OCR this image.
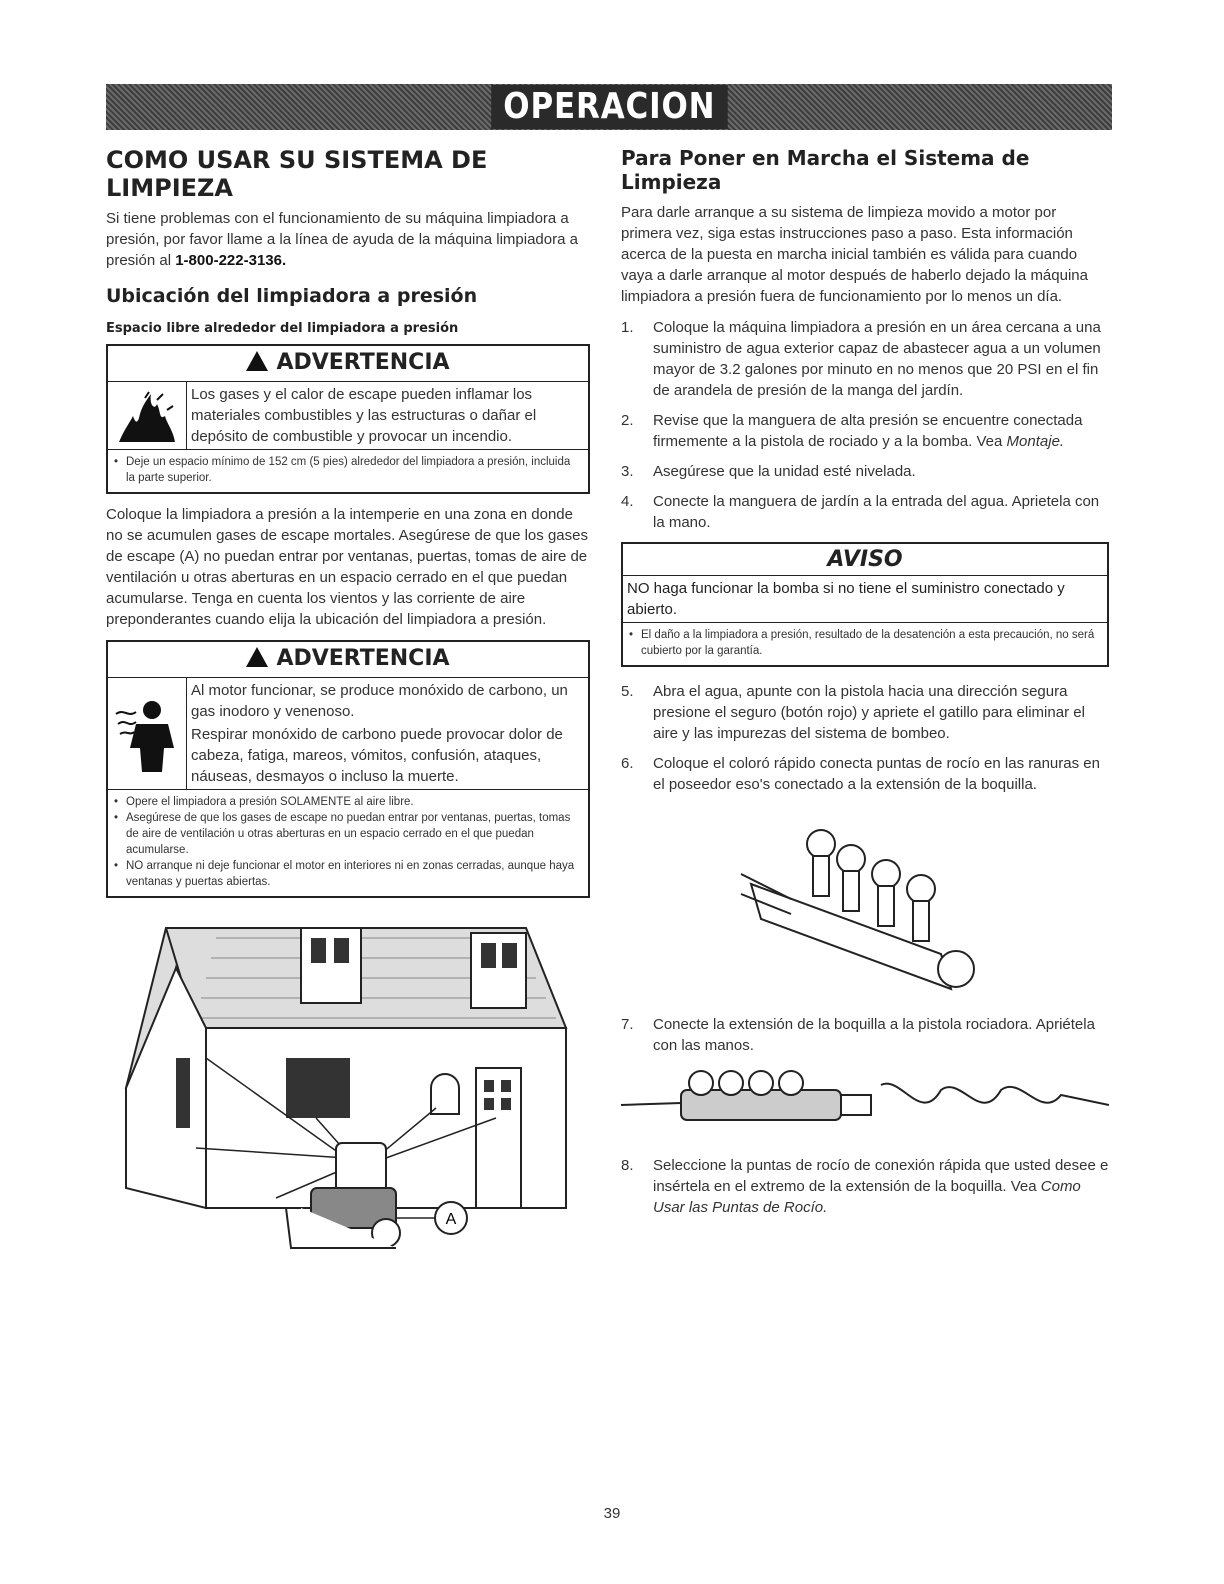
OPERACION
COMO USAR SU SISTEMA DE LIMPIEZA

Si tiene problemas con el funcionamiento de su máquina limpiadora a presión, por favor llame a la línea de ayuda de la máquina limpiadora a presión al 1-800-222-3136.

Ubicación del limpiadora a presión
Espacio libre alrededor del limpiadora a presión
ADVERTENCIA

Los gases y el calor de escape pueden inflamar los materiales combustibles y las estructuras o dañar el depósito de combustible y provocar un incendio.

• Deje un espacio mínimo de 152 cm (5 pies) alrededor del limpiadora a presión, incluida la parte superior.

Coloque la limpiadora a presión a la intemperie en una zona en donde no se acumulen gases de escape mortales. Asegúrese de que los gases de escape (A) no puedan entrar por ventanas, puertas, tomas de aire de ventilación u otras aberturas en un espacio cerrado en el que puedan acumularse. Tenga en cuenta los vientos y las corriente de aire preponderantes cuando elija la ubicación del limpiadora a presión.

ADVERTENCIA

Al motor funcionar, se produce monóxido de carbono, un gas inodoro y venenoso.

Respirar monóxido de carbono puede provocar dolor de cabeza, fatiga, mareos, vómitos, confusión, ataques, náuseas, desmayos o incluso la muerte.

• Opere el limpiadora a presión SOLAMENTE al aire libre.
• Asegúrese de que los gases de escape no puedan entrar por ventanas, puertas, tomas de aire de ventilación u otras aberturas en un espacio cerrado en el que puedan acumularse.
• NO arranque ni deje funcionar el motor en interiores ni en zonas cerradas, aunque haya ventanas y puertas abiertas.
A
Para Poner en Marcha el Sistema de Limpieza

Para darle arranque a su sistema de limpieza movido a motor por primera vez, siga estas instrucciones paso a paso. Esta información acerca de la puesta en marcha inicial también es válida para cuando vaya a darle arranque al motor después de haberlo dejado la máquina limpiadora a presión fuera de funcionamiento por lo menos un día.

1. Coloque la máquina limpiadora a presión en un área cercana a una suministro de agua exterior capaz de abastecer agua a un volumen mayor de 3.2 galones por minuto en no menos que 20 PSI en el fin de arandela de presión de la manga del jardín.
2. Revise que la manguera de alta presión se encuentre conectada firmemente a la pistola de rociado y a la bomba. Vea Montaje.
3. Asegúrese que la unidad esté nivelada.
4. Conecte la manguera de jardín a la entrada del agua. Aprietela con la mano.
AVISO
NO haga funcionar la bomba si no tiene el suministro conectado y abierto.
• El daño a la limpiadora a presión, resultado de la desatención a esta precaución, no será cubierto por la garantía.
5. Abra el agua, apunte con la pistola hacia una dirección segura presione el seguro (botón rojo) y apriete el gatillo para eliminar el aire y las impurezas del sistema de bombeo.
6. Coloque el coloró rápido conecta puntas de rocío en las ranuras en el poseedor eso's conectado a la extensión de la boquilla.
7. Conecte la extensión de la boquilla a la pistola rociadora. Apriételа con las manos.
8. Seleccione la puntas de rocío de conexión rápida que usted desee e insértela en el extremo de la extensión de la boquilla. Vea Como Usar las Puntas de Rocío.
39
